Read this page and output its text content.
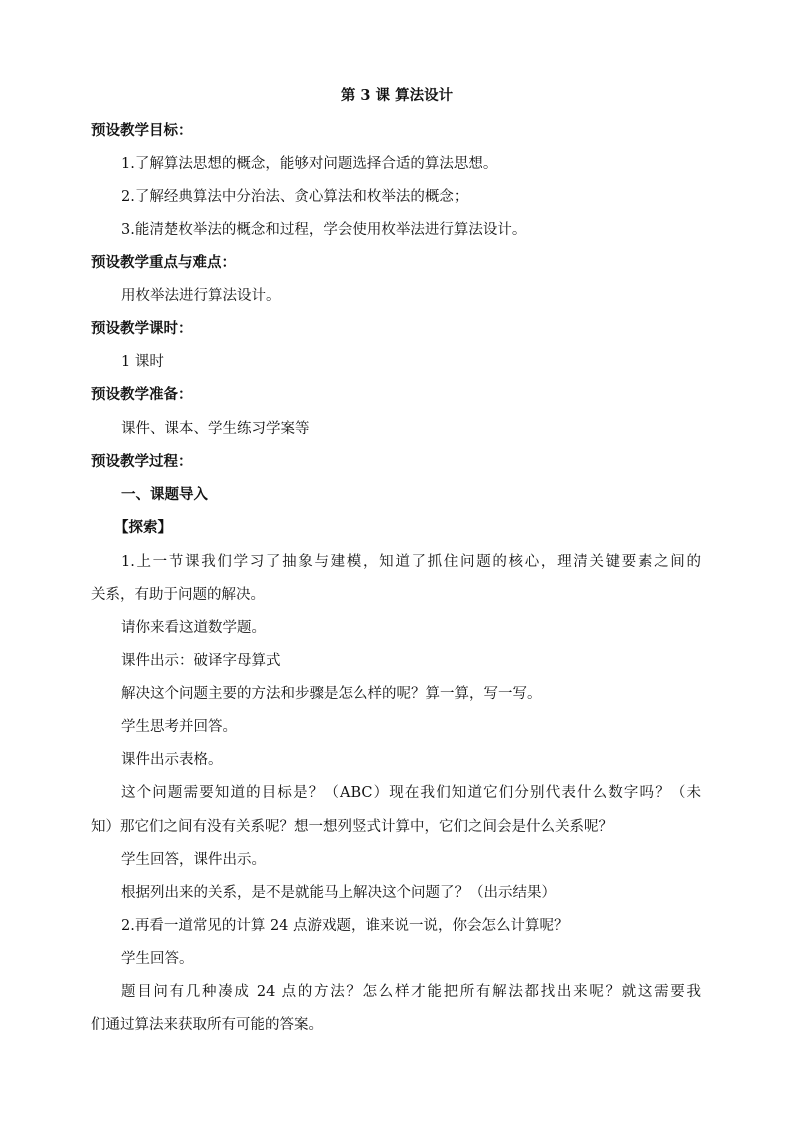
第 3 课 算法设计
预设教学目标：
1.了解算法思想的概念，能够对问题选择合适的算法思想。
2.了解经典算法中分治法、贪心算法和枚举法的概念；
3.能清楚枚举法的概念和过程，学会使用枚举法进行算法设计。
预设教学重点与难点：
用枚举法进行算法设计。
预设教学课时：
1 课时
预设教学准备：
课件、课本、学生练习学案等
预设教学过程：
一、课题导入
【探索】
1.上一节课我们学习了抽象与建模，知道了抓住问题的核心，理清关键要素之间的
关系，有助于问题的解决。
请你来看这道数学题。
课件出示：破译字母算式
解决这个问题主要的方法和步骤是怎么样的呢？算一算，写一写。
学生思考并回答。
课件出示表格。
这个问题需要知道的目标是？（ABC）现在我们知道它们分别代表什么数字吗？（未
知）那它们之间有没有关系呢？想一想列竖式计算中，它们之间会是什么关系呢？
学生回答，课件出示。
根据列出来的关系，是不是就能马上解决这个问题了？（出示结果）
2.再看一道常见的计算 24 点游戏题，谁来说一说，你会怎么计算呢？
学生回答。
题目问有几种凑成 24 点的方法？怎么样才能把所有解法都找出来呢？就这需要我
们通过算法来获取所有可能的答案。
